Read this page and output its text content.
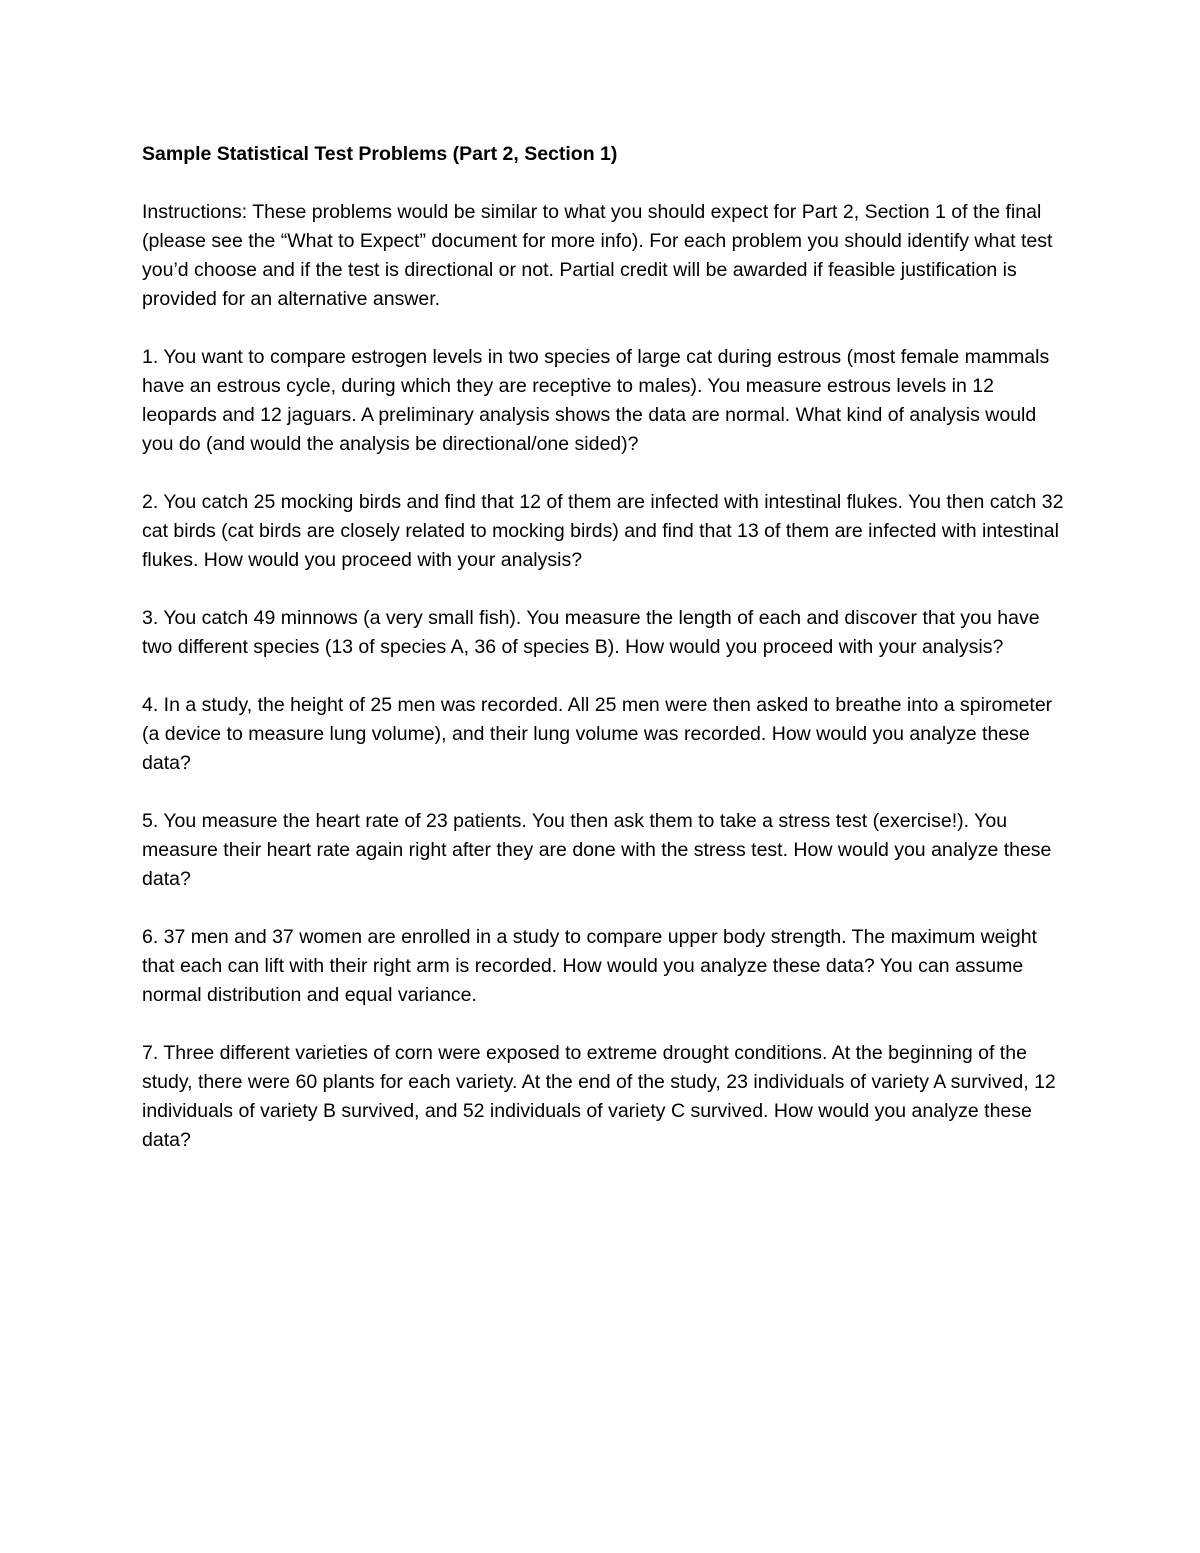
Sample Statistical Test Problems (Part 2, Section 1)

Instructions: These problems would be similar to what you should expect for Part 2, Section 1 of the final (please see the “What to Expect” document for more info). For each problem you should identify what test you’d choose and if the test is directional or not. Partial credit will be awarded if feasible justification is provided for an alternative answer.

1. You want to compare estrogen levels in two species of large cat during estrous (most female mammals have an estrous cycle, during which they are receptive to males). You measure estrous levels in 12 leopards and 12 jaguars. A preliminary analysis shows the data are normal. What kind of analysis would you do (and would the analysis be directional/one sided)?

2. You catch 25 mocking birds and find that 12 of them are infected with intestinal flukes. You then catch 32 cat birds (cat birds are closely related to mocking birds) and find that 13 of them are infected with intestinal flukes. How would you proceed with your analysis?

3. You catch 49 minnows (a very small fish). You measure the length of each and discover that you have two different species (13 of species A, 36 of species B). How would you proceed with your analysis?

4. In a study, the height of 25 men was recorded. All 25 men were then asked to breathe into a spirometer (a device to measure lung volume), and their lung volume was recorded. How would you analyze these data?

5. You measure the heart rate of 23 patients. You then ask them to take a stress test (exercise!). You measure their heart rate again right after they are done with the stress test. How would you analyze these data?

6. 37 men and 37 women are enrolled in a study to compare upper body strength. The maximum weight that each can lift with their right arm is recorded. How would you analyze these data? You can assume normal distribution and equal variance.

7. Three different varieties of corn were exposed to extreme drought conditions. At the beginning of the study, there were 60 plants for each variety. At the end of the study, 23 individuals of variety A survived, 12 individuals of variety B survived, and 52 individuals of variety C survived. How would you analyze these data?
